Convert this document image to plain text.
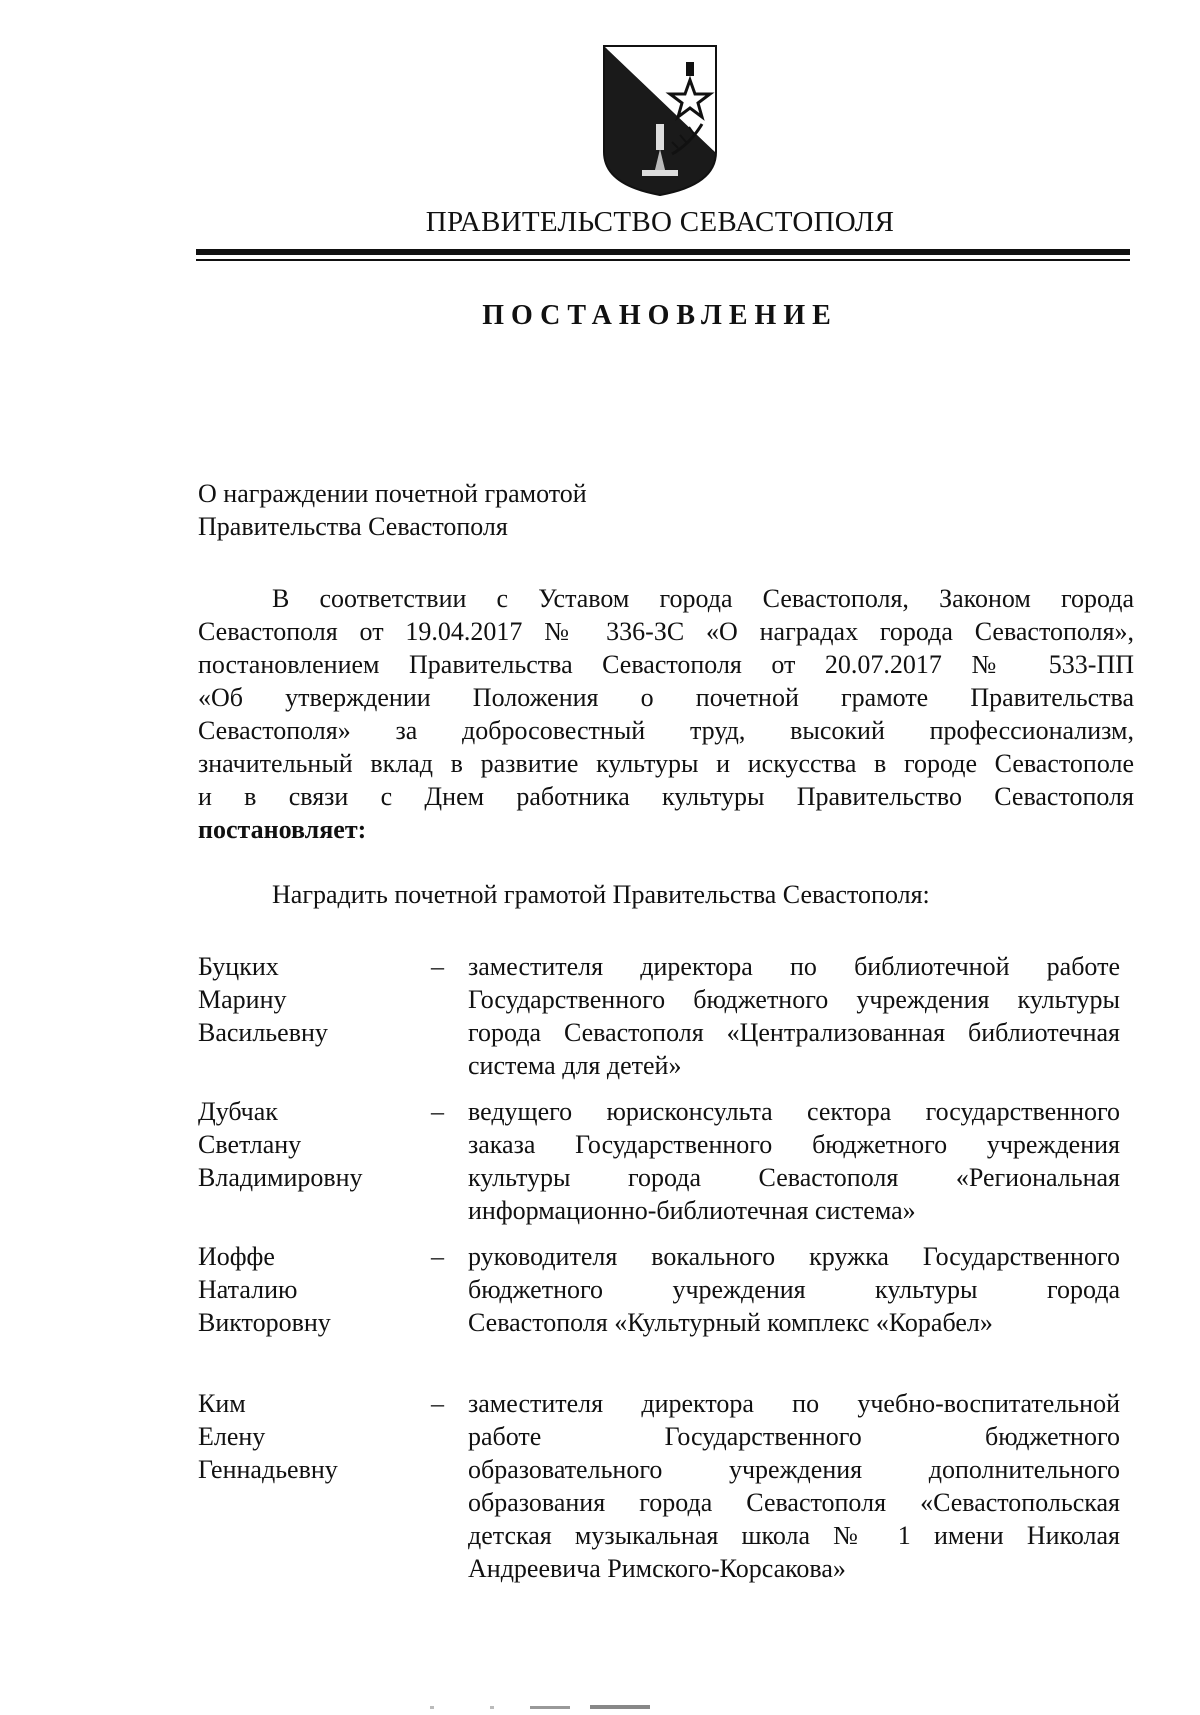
ПРАВИТЕЛЬСТВО СЕВАСТОПОЛЯ
ПОСТАНОВЛЕНИЕ
О награждении почетной грамотой
Правительства Севастополя
В соответствии с Уставом города Севастополя, Законом города
Севастополя от 19.04.2017 № 336-ЗС «О наградах города Севастополя»,
постановлением Правительства Севастополя от 20.07.2017 № 533-ПП
«Об утверждении Положения о почетной грамоте Правительства
Севастополя» за добросовестный труд, высокий профессионализм,
значительный вклад в развитие культуры и искусства в городе Севастополе
и в связи с Днем работника культуры Правительство Севастополя
постановляет:
Наградить почетной грамотой Правительства Севастополя:
Буцких
Марину
Васильевну
– заместителя директора по библиотечной работе
Государственного бюджетного учреждения культуры
города Севастополя «Централизованная библиотечная
система для детей»
Дубчак
Светлану
Владимировну
– ведущего юрисконсульта сектора государственного
заказа Государственного бюджетного учреждения
культуры города Севастополя «Региональная
информационно-библиотечная система»
Иоффе
Наталию
Викторовну
– руководителя вокального кружка Государственного
бюджетного учреждения культуры города
Севастополя «Культурный комплекс «Корабел»
Ким
Елену
Геннадьевну
– заместителя директора по учебно-воспитательной
работе Государственного бюджетного
образовательного учреждения дополнительного
образования города Севастополя «Севастопольская
детская музыкальная школа № 1 имени Николая
Андреевича Римского-Корсакова»
